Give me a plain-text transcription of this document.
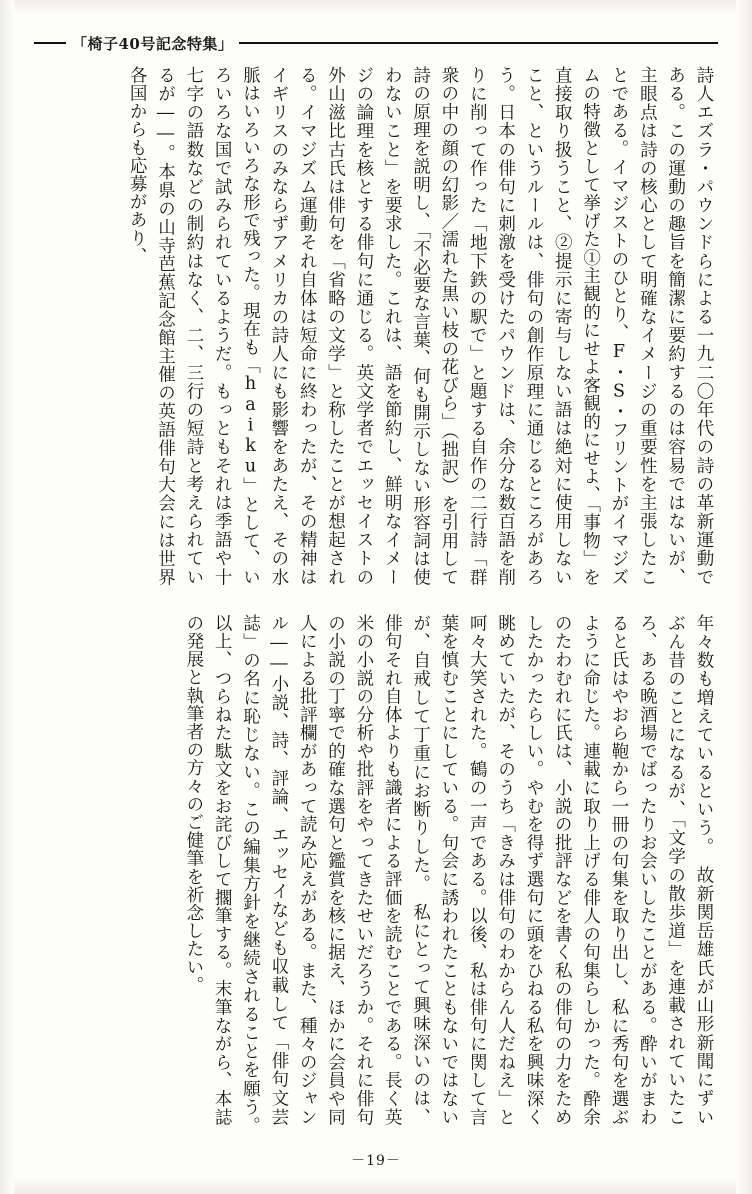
「椅子40号記念特集」

詩人エズラ・パウンドらによる一九二〇年代の詩の革新運動である。この運動の趣旨を簡潔に要約するのは容易ではないが、主眼点は詩の核心として明確なイメージの重要性を主張したことである。イマジストのひとり、F・S・フリントがイマジズムの特徴として挙げた①主観的にせよ客観的にせよ、「事物」を直接取り扱うこと、②提示に寄与しない語は絶対に使用しないこと、というルールは、俳句の創作原理に通じるところがあろう。日本の俳句に刺激を受けたパウンドは、余分な数百語を削りに削って作った「地下鉄の駅で」と題する自作の二行詩「群衆の中の顔の幻影／濡れた黒い枝の花びら」（拙訳）を引用して詩の原理を説明し、「不必要な言葉、何も開示しない形容詞は使わないこと」を要求した。これは、語を節約し、鮮明なイメージの論理を核とする俳句に通じる。英文学者でエッセイストの外山滋比古氏は俳句を「省略の文学」と称したことが想起される。イマジズム運動それ自体は短命に終わったが、その精神はイギリスのみならずアメリカの詩人にも影響をあたえ、その水脈はいろいろな形で残った。現在も「haiku」として、いろいろな国で試みられているようだ。もっともそれは季語や十七字の語数などの制約はなく、二、三行の短詩と考えられているが――。本県の山寺芭蕉記念館主催の英語俳句大会には世界各国からも応募があり、

年々数も増えているという。　故新関岳雄氏が山形新聞にずいぶん昔のことになるが、「文学の散歩道」を連載されていたころ、ある晩酒場でばったりお会いしたことがある。酔いがまわると氏はやおら鞄から一冊の句集を取り出し、私に秀句を選ぶように命じた。連載に取り上げる俳人の句集らしかった。酔余のたわむれに氏は、小説の批評などを書く私の俳句の力をためしたかったらしい。やむを得ず選句に頭をひねる私を興味深く眺めていたが、そのうち「きみは俳句のわからん人だねえ」と呵々大笑された。鶴の一声である。以後、私は俳句に関して言葉を慎むことにしている。句会に誘われたこともないではないが、自戒して丁重にお断りした。　私にとって興味深いのは、俳句それ自体よりも識者による評価を読むことである。長く英米の小説の分析や批評をやってきたせいだろうか。それに俳句の小説の丁寧で的確な選句と鑑賞を核に据え、ほかに会員や同人による批評欄があって読み応えがある。また、種々のジャンル――小説、詩、評論、エッセイなども収載して「俳句文芸誌」の名に恥じない。この編集方針を継続されることを願う。　以上、つらねた駄文をお詫びして擱筆する。末筆ながら、本誌の発展と執筆者の方々のご健筆を祈念したい。

－19－
